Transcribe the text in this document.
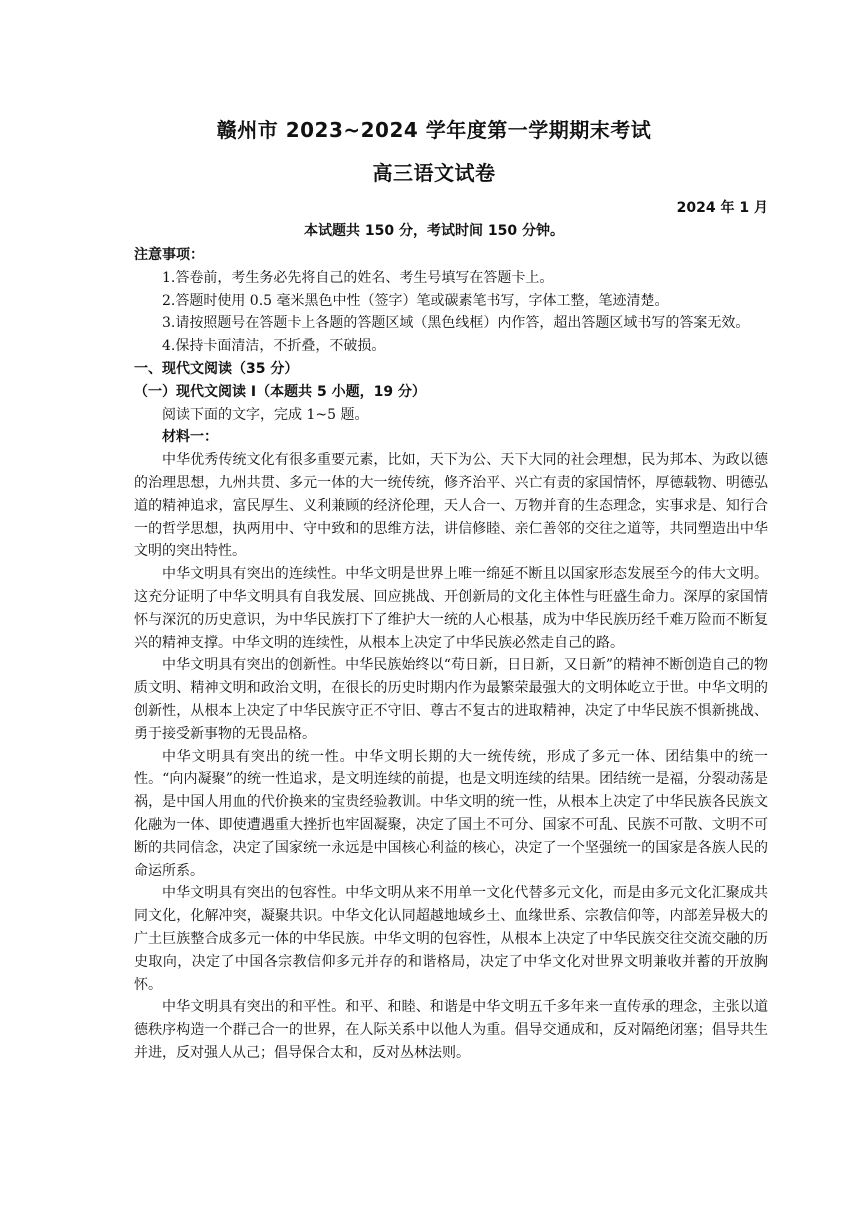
赣州市 2023~2024 学年度第一学期期末考试
高三语文试卷
2024 年 1 月
本试题共 150 分，考试时间 150 分钟。
注意事项：
1.答卷前，考生务必先将自己的姓名、考生号填写在答题卡上。
2.答题时使用 0.5 毫米黑色中性（签字）笔或碳素笔书写，字体工整，笔迹清楚。
3.请按照题号在答题卡上各题的答题区域（黑色线框）内作答，超出答题区域书写的答案无效。
4.保持卡面清洁，不折叠，不破损。
一、现代文阅读（35 分）
（一）现代文阅读 I（本题共 5 小题，19 分）
阅读下面的文字，完成 1~5 题。
材料一：
中华优秀传统文化有很多重要元素，比如，天下为公、天下大同的社会理想，民为邦本、为政以德的治理思想，九州共贯、多元一体的大一统传统，修齐治平、兴亡有责的家国情怀，厚德载物、明德弘道的精神追求，富民厚生、义利兼顾的经济伦理，天人合一、万物并育的生态理念，实事求是、知行合一的哲学思想，执两用中、守中致和的思维方法，讲信修睦、亲仁善邻的交往之道等，共同塑造出中华文明的突出特性。
中华文明具有突出的连续性。中华文明是世界上唯一绵延不断且以国家形态发展至今的伟大文明。这充分证明了中华文明具有自我发展、回应挑战、开创新局的文化主体性与旺盛生命力。深厚的家国情怀与深沉的历史意识，为中华民族打下了维护大一统的人心根基，成为中华民族历经千难万险而不断复兴的精神支撑。中华文明的连续性，从根本上决定了中华民族必然走自己的路。
中华文明具有突出的创新性。中华民族始终以“苟日新，日日新，又日新”的精神不断创造自己的物质文明、精神文明和政治文明，在很长的历史时期内作为最繁荣最强大的文明体屹立于世。中华文明的创新性，从根本上决定了中华民族守正不守旧、尊古不复古的进取精神，决定了中华民族不惧新挑战、勇于接受新事物的无畏品格。
中华文明具有突出的统一性。中华文明长期的大一统传统，形成了多元一体、团结集中的统一性。“向内凝聚”的统一性追求，是文明连续的前提，也是文明连续的结果。团结统一是福，分裂动荡是祸，是中国人用血的代价换来的宝贵经验教训。中华文明的统一性，从根本上决定了中华民族各民族文化融为一体、即使遭遇重大挫折也牢固凝聚，决定了国土不可分、国家不可乱、民族不可散、文明不可断的共同信念，决定了国家统一永远是中国核心利益的核心，决定了一个坚强统一的国家是各族人民的命运所系。
中华文明具有突出的包容性。中华文明从来不用单一文化代替多元文化，而是由多元文化汇聚成共同文化，化解冲突，凝聚共识。中华文化认同超越地域乡土、血缘世系、宗教信仰等，内部差异极大的广土巨族整合成多元一体的中华民族。中华文明的包容性，从根本上决定了中华民族交往交流交融的历史取向，决定了中国各宗教信仰多元并存的和谐格局，决定了中华文化对世界文明兼收并蓄的开放胸怀。
中华文明具有突出的和平性。和平、和睦、和谐是中华文明五千多年来一直传承的理念，主张以道德秩序构造一个群己合一的世界，在人际关系中以他人为重。倡导交通成和，反对隔绝闭塞；倡导共生并进，反对强人从己；倡导保合太和，反对丛林法则。
